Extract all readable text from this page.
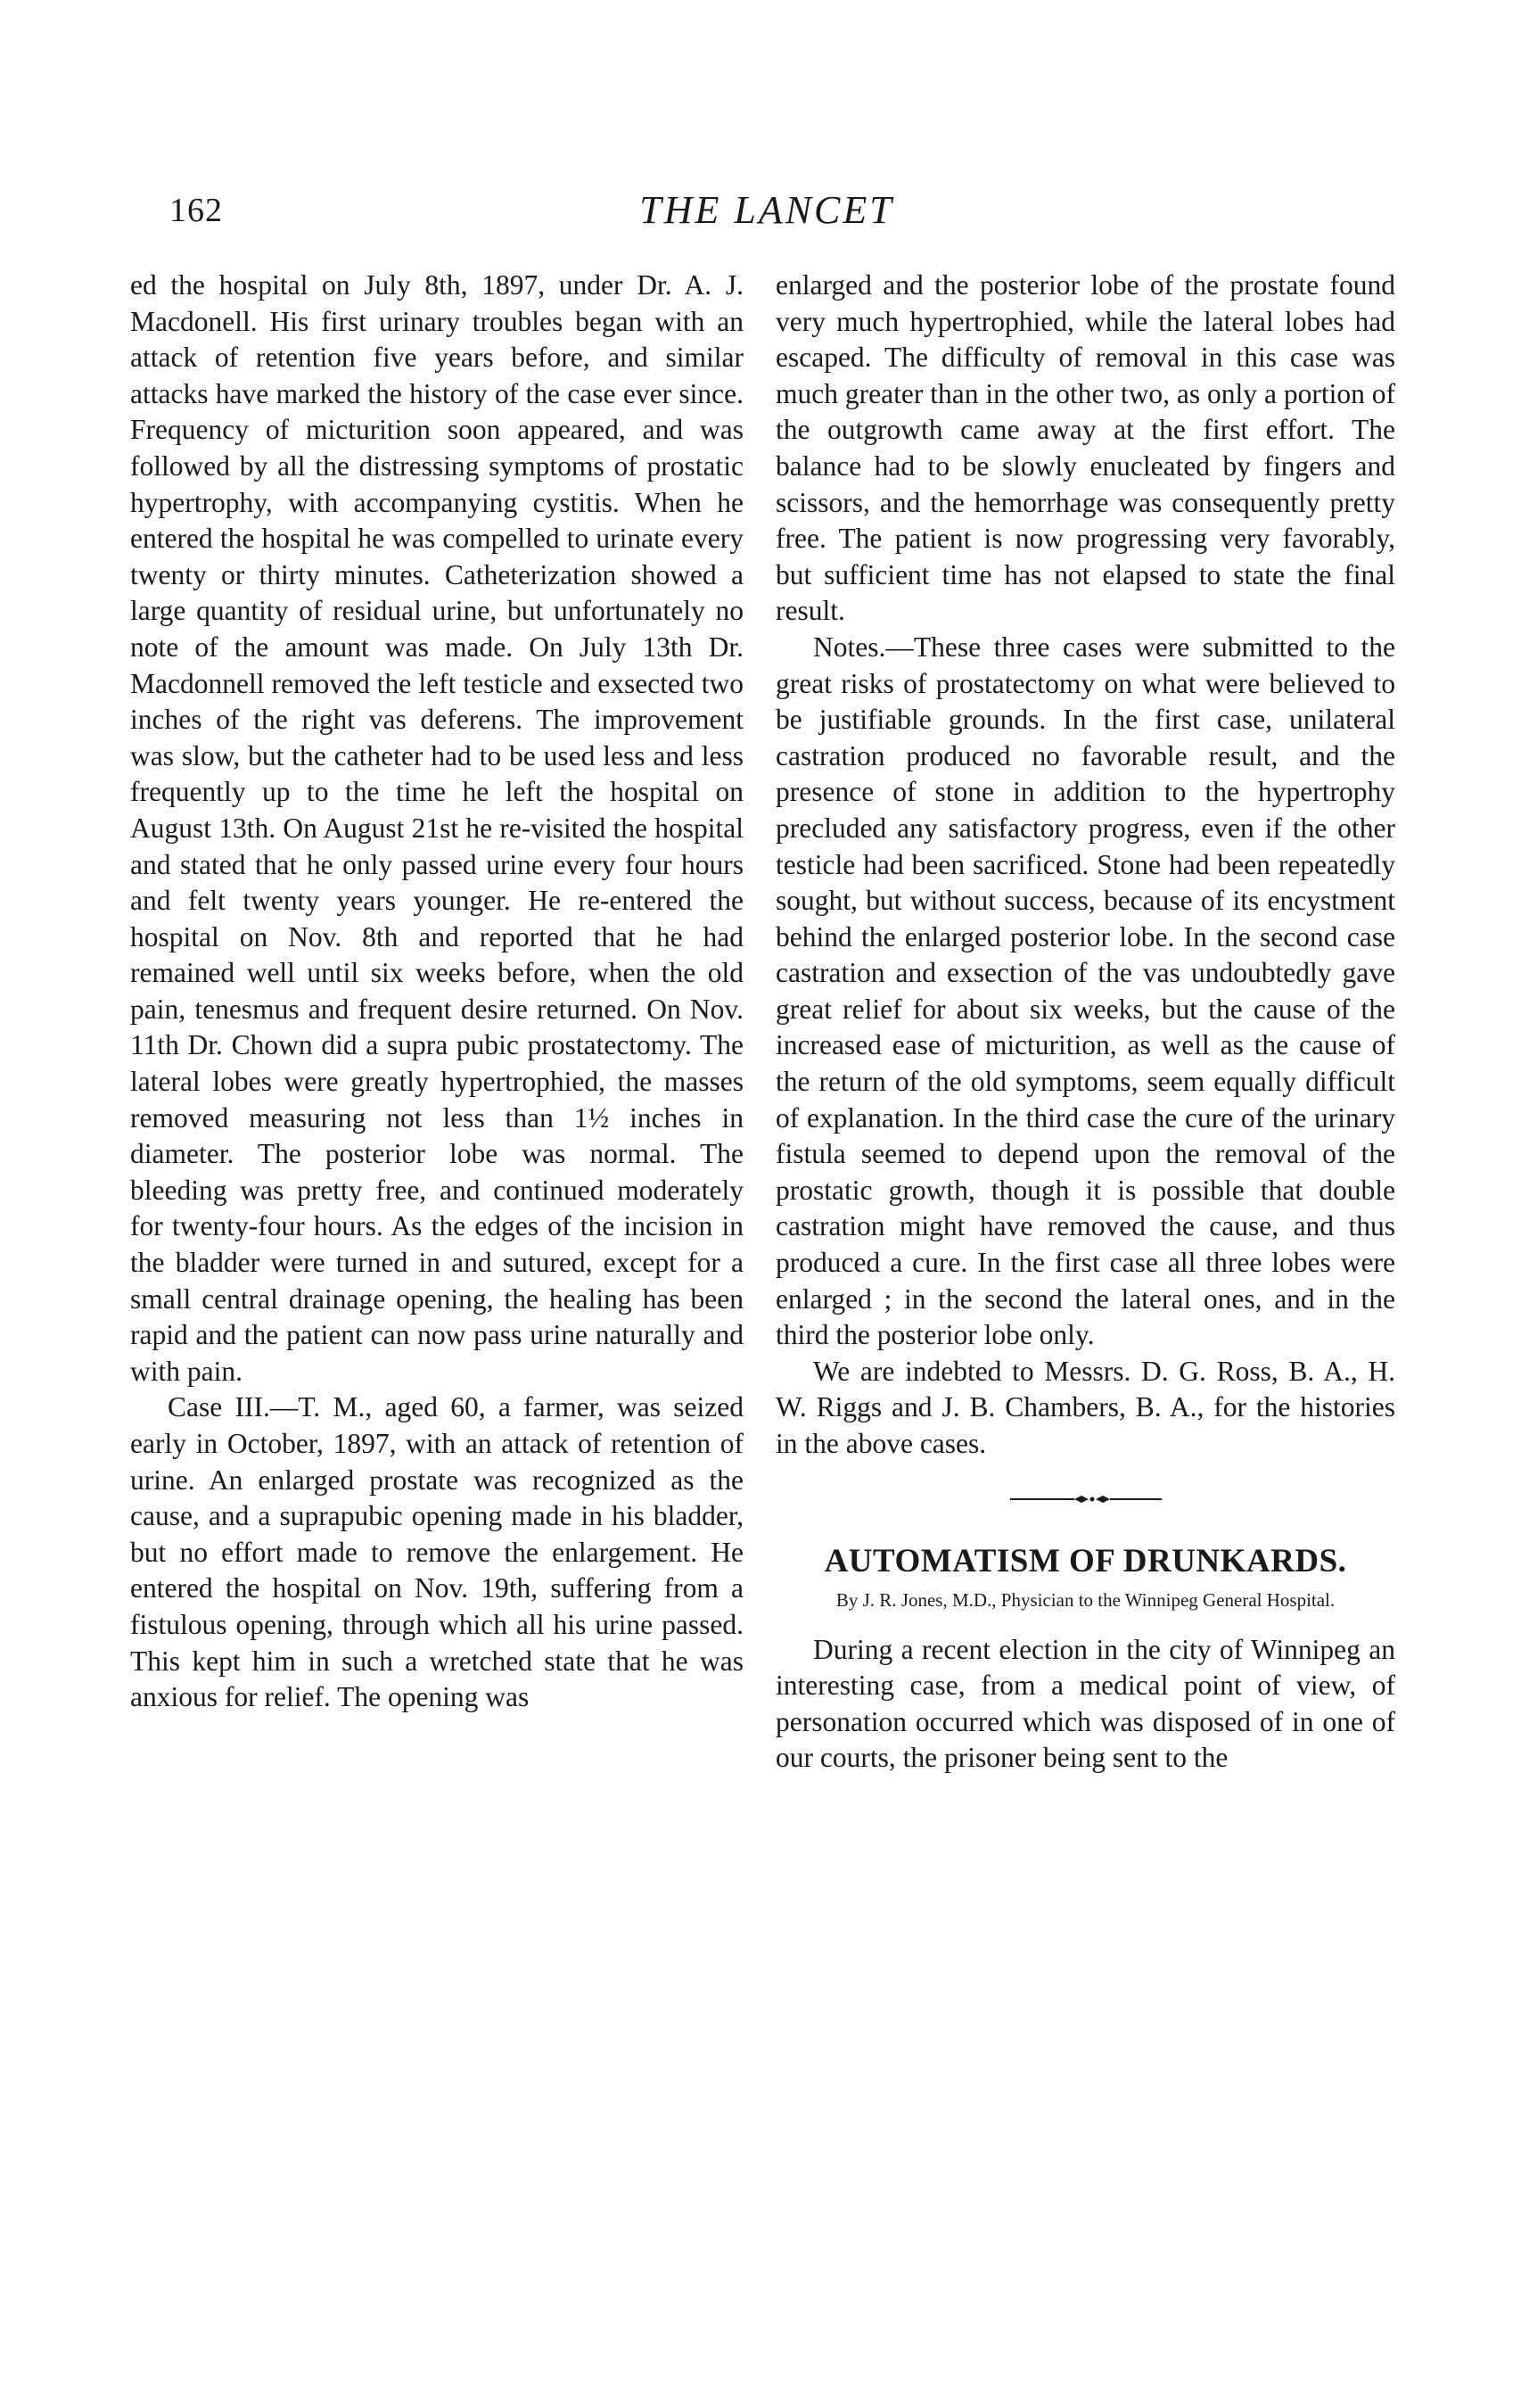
162	THE LANCET

ed the hospital on July 8th, 1897, under Dr. A. J. Macdonell. His first urinary troubles began with an attack of retention five years before, and similar attacks have marked the history of the case ever since. Frequency of micturition soon appeared, and was followed by all the distressing symptoms of prostatic hypertrophy, with accompanying cystitis. When he entered the hospital he was compelled to urinate every twenty or thirty minutes. Catheterization showed a large quantity of residual urine, but unfortunately no note of the amount was made. On July 13th Dr. Macdonnell removed the left testicle and exsected two inches of the right vas deferens. The improvement was slow, but the catheter had to be used less and less frequently up to the time he left the hospital on August 13th. On August 21st he re-visited the hospital and stated that he only passed urine every four hours and felt twenty years younger. He re-entered the hospital on Nov. 8th and reported that he had remained well until six weeks before, when the old pain, tenesmus and frequent desire returned. On Nov. 11th Dr. Chown did a supra pubic prostatectomy. The lateral lobes were greatly hypertrophied, the masses removed measuring not less than 1½ inches in diameter. The posterior lobe was normal. The bleeding was pretty free, and continued moderately for twenty-four hours. As the edges of the incision in the bladder were turned in and sutured, except for a small central drainage opening, the healing has been rapid and the patient can now pass urine naturally and with pain.

Case III.—T. M., aged 60, a farmer, was seized early in October, 1897, with an attack of retention of urine. An enlarged prostate was recognized as the cause, and a suprapubic opening made in his bladder, but no effort made to remove the enlargement. He entered the hospital on Nov. 19th, suffering from a fistulous opening, through which all his urine passed. This kept him in such a wretched state that he was anxious for relief. The opening was

enlarged and the posterior lobe of the prostate found very much hypertrophied, while the lateral lobes had escaped. The difficulty of removal in this case was much greater than in the other two, as only a portion of the outgrowth came away at the first effort. The balance had to be slowly enucleated by fingers and scissors, and the hemorrhage was consequently pretty free. The patient is now progressing very favorably, but sufficient time has not elapsed to state the final result.

Notes.—These three cases were submitted to the great risks of prostatectomy on what were believed to be justifiable grounds. In the first case, unilateral castration produced no favorable result, and the presence of stone in addition to the hypertrophy precluded any satisfactory progress, even if the other testicle had been sacrificed. Stone had been repeatedly sought, but without success, because of its encystment behind the enlarged posterior lobe. In the second case castration and exsection of the vas undoubtedly gave great relief for about six weeks, but the cause of the increased ease of micturition, as well as the cause of the return of the old symptoms, seem equally difficult of explanation. In the third case the cure of the urinary fistula seemed to depend upon the removal of the prostatic growth, though it is possible that double castration might have removed the cause, and thus produced a cure. In the first case all three lobes were enlarged ; in the second the lateral ones, and in the third the posterior lobe only.

We are indebted to Messrs. D. G. Ross, B. A., H. W. Riggs and J. B. Chambers, B. A., for the histories in the above cases.

AUTOMATISM OF DRUNKARDS.
By J. R. Jones, M.D., Physician to the Winnipeg General Hospital.

During a recent election in the city of Winnipeg an interesting case, from a medical point of view, of personation occurred which was disposed of in one of our courts, the prisoner being sent to the
